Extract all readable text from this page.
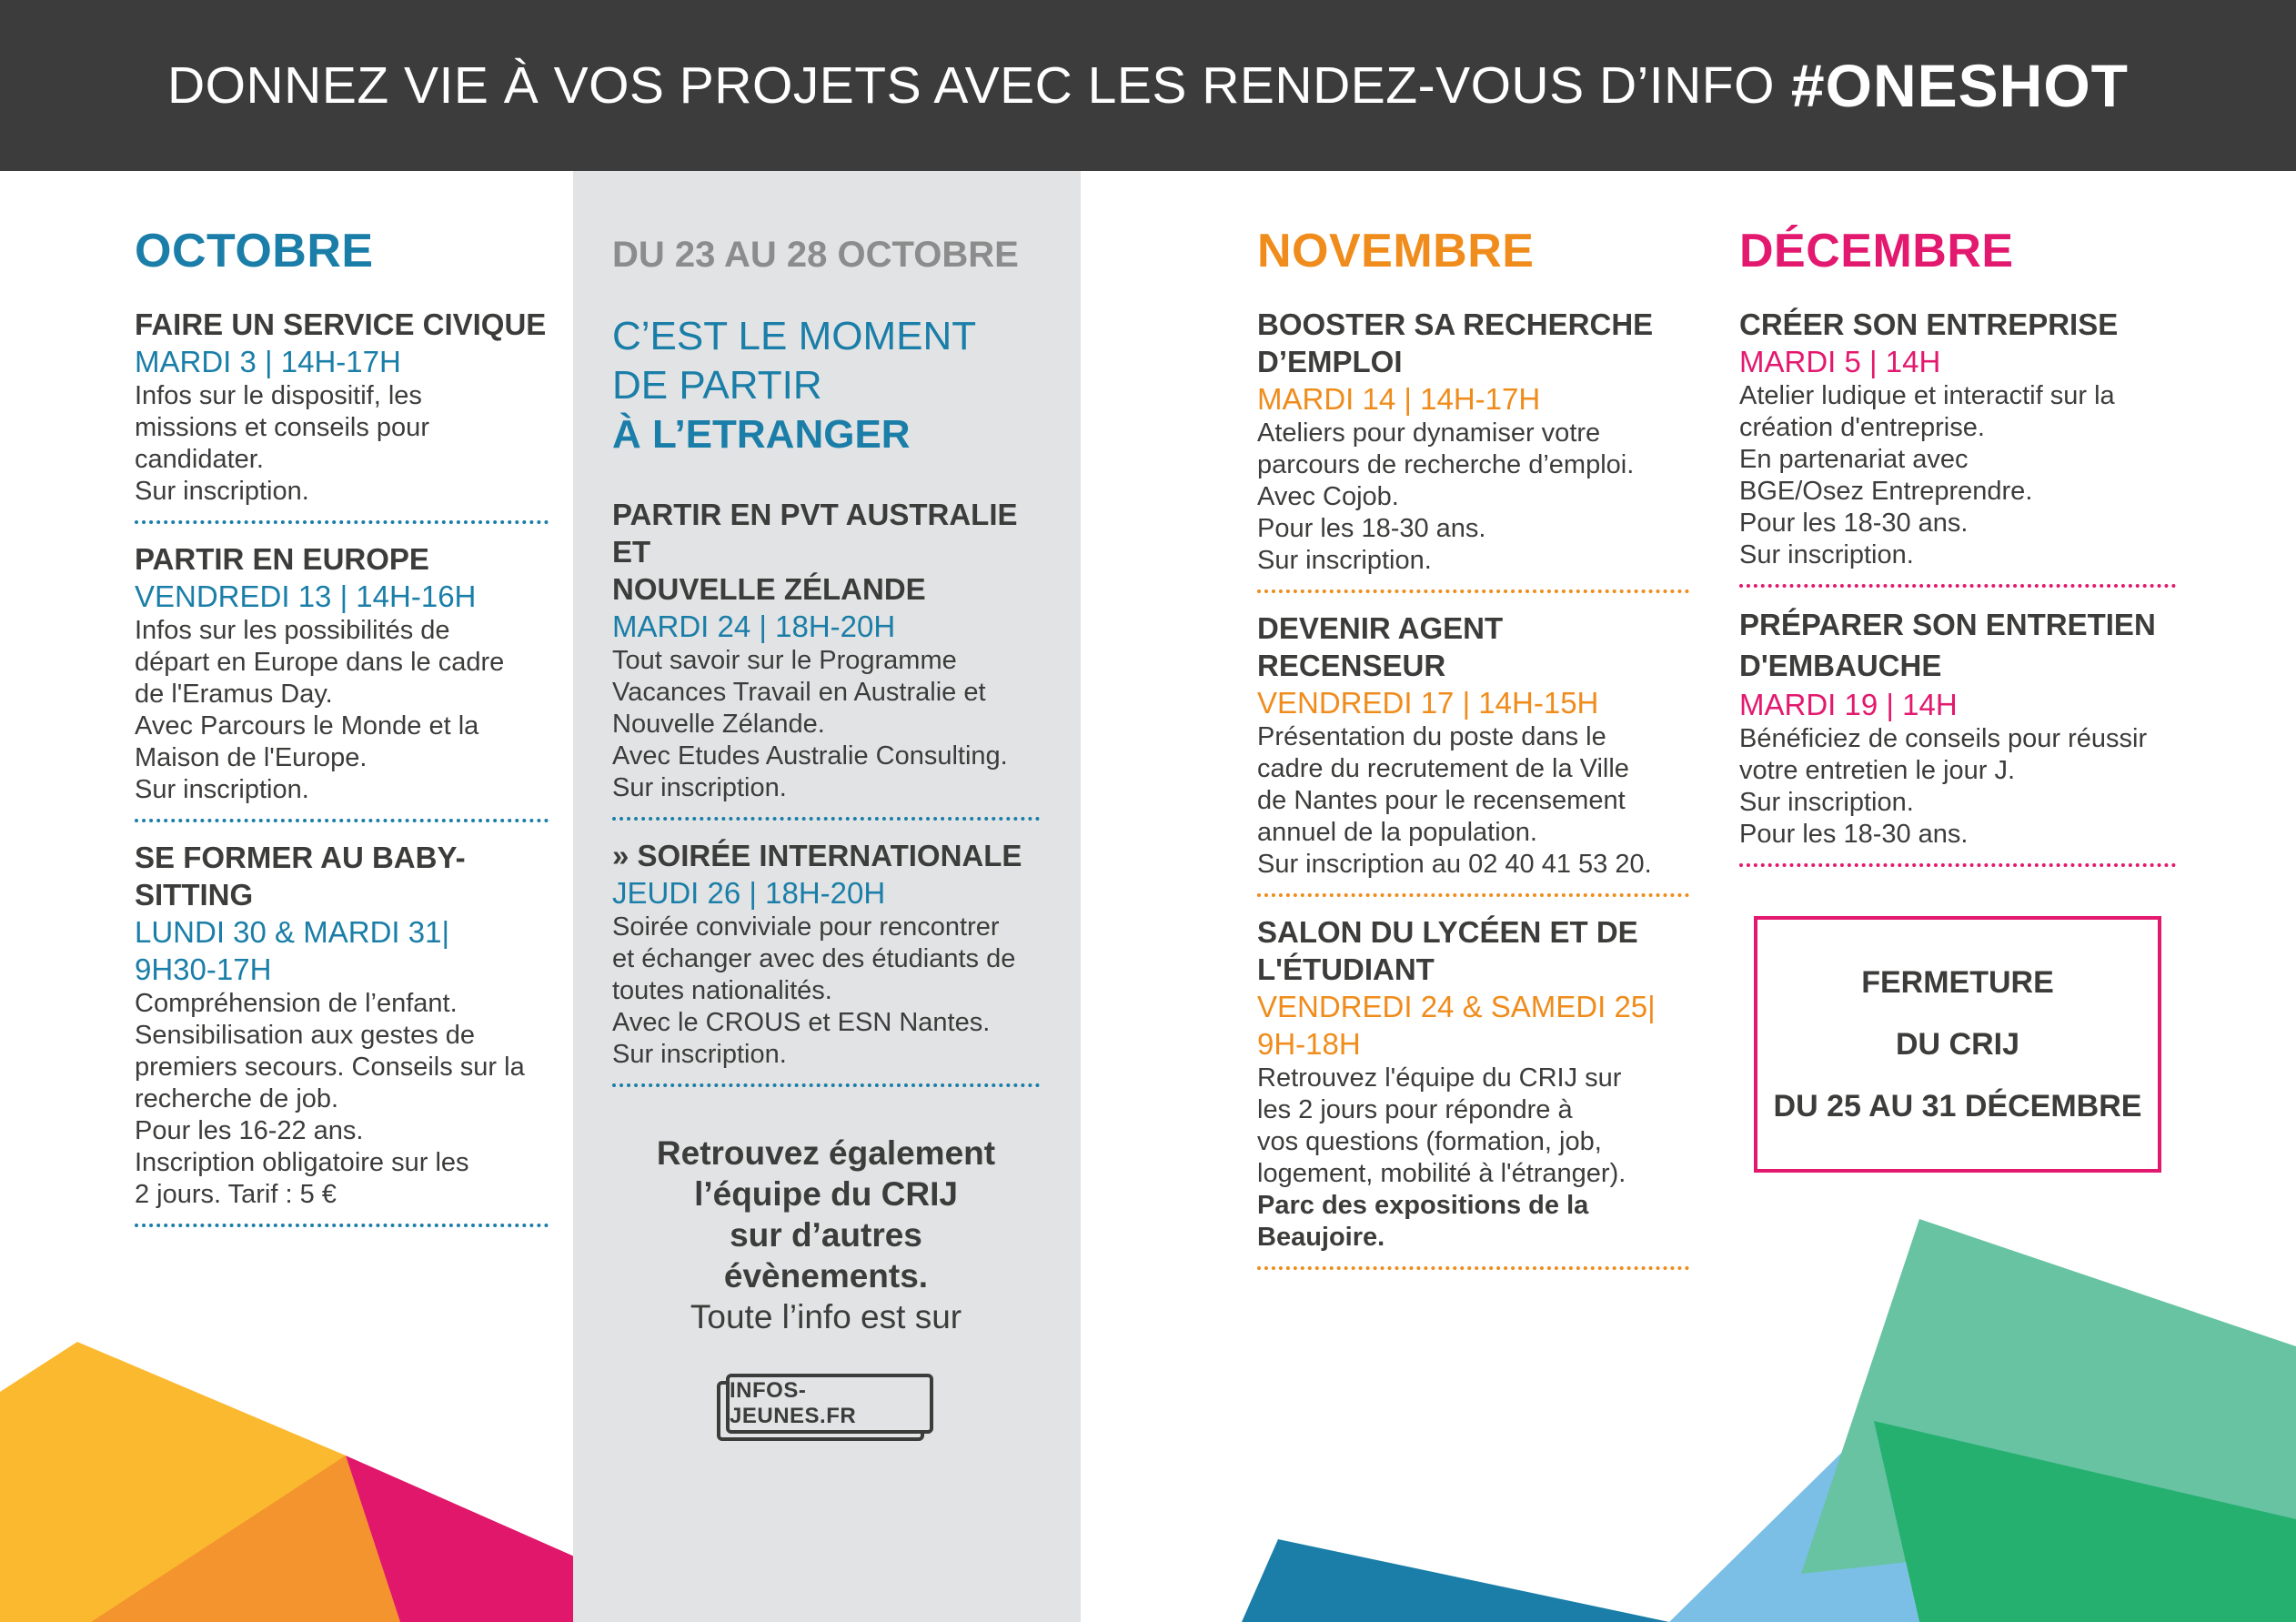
DONNEZ VIE À VOS PROJETS AVEC LES RENDEZ-VOUS D’INFO #ONESHOT
OCTOBRE
FAIRE UN SERVICE CIVIQUE
MARDI 3 | 14H-17H
Infos sur le dispositif, les
missions et conseils pour
candidater.
Sur inscription.
PARTIR EN EUROPE
VENDREDI 13 | 14H-16H
Infos sur les possibilités de
départ en Europe dans le cadre
de l'Eramus Day.
Avec Parcours le Monde et la
Maison de l'Europe.
Sur inscription.
SE FORMER AU BABY-
SITTING
LUNDI 30 & MARDI 31|
9H30-17H
Compréhension de l’enfant.
Sensibilisation aux gestes de
premiers secours. Conseils sur la
recherche de job.
Pour les 16-22 ans.
Inscription obligatoire sur les
2 jours. Tarif : 5 €
DU 23 AU 28 OCTOBRE
C’EST LE MOMENT
DE PARTIR
À L’ETRANGER
PARTIR EN PVT AUSTRALIE ET
NOUVELLE ZÉLANDE
MARDI 24 | 18H-20H
Tout savoir sur le Programme
Vacances Travail en Australie et
Nouvelle Zélande.
Avec Etudes Australie Consulting.
Sur inscription.
» SOIRÉE INTERNATIONALE
JEUDI 26 | 18H-20H
Soirée conviviale pour rencontrer
et échanger avec des étudiants de
toutes nationalités.
Avec le CROUS et ESN Nantes.
Sur inscription.
Retrouvez également
l’équipe du CRIJ
sur d’autres
évènements.
Toute l’info est sur
INFOS-JEUNES.FR
NOVEMBRE
BOOSTER SA RECHERCHE
D’EMPLOI
MARDI 14 | 14H-17H
Ateliers pour dynamiser votre
parcours de recherche d’emploi.
Avec Cojob.
Pour les 18-30 ans.
Sur inscription.
DEVENIR AGENT RECENSEUR
VENDREDI 17 | 14H-15H
Présentation du poste dans le
cadre du recrutement de la Ville
de Nantes pour le recensement
annuel de la population.
Sur inscription au 02 40 41 53 20.
SALON DU LYCÉEN ET DE
L'ÉTUDIANT
VENDREDI 24 & SAMEDI 25|
9H-18H
Retrouvez l'équipe du CRIJ sur
les 2 jours pour répondre à
vos questions (formation, job,
logement, mobilité à l'étranger).
Parc des expositions de la
Beaujoire.
DÉCEMBRE
CRÉER SON ENTREPRISE
MARDI 5 | 14H
Atelier ludique et interactif sur la
création d'entreprise.
En partenariat avec
BGE/Osez Entreprendre.
Pour les 18-30 ans.
Sur inscription.
PRÉPARER SON ENTRETIEN
D'EMBAUCHE
MARDI 19 | 14H
Bénéficiez de conseils pour réussir
votre entretien le jour J.
Sur inscription.
Pour les 18-30 ans.
FERMETURE
DU CRIJ
DU 25 AU 31 DÉCEMBRE
